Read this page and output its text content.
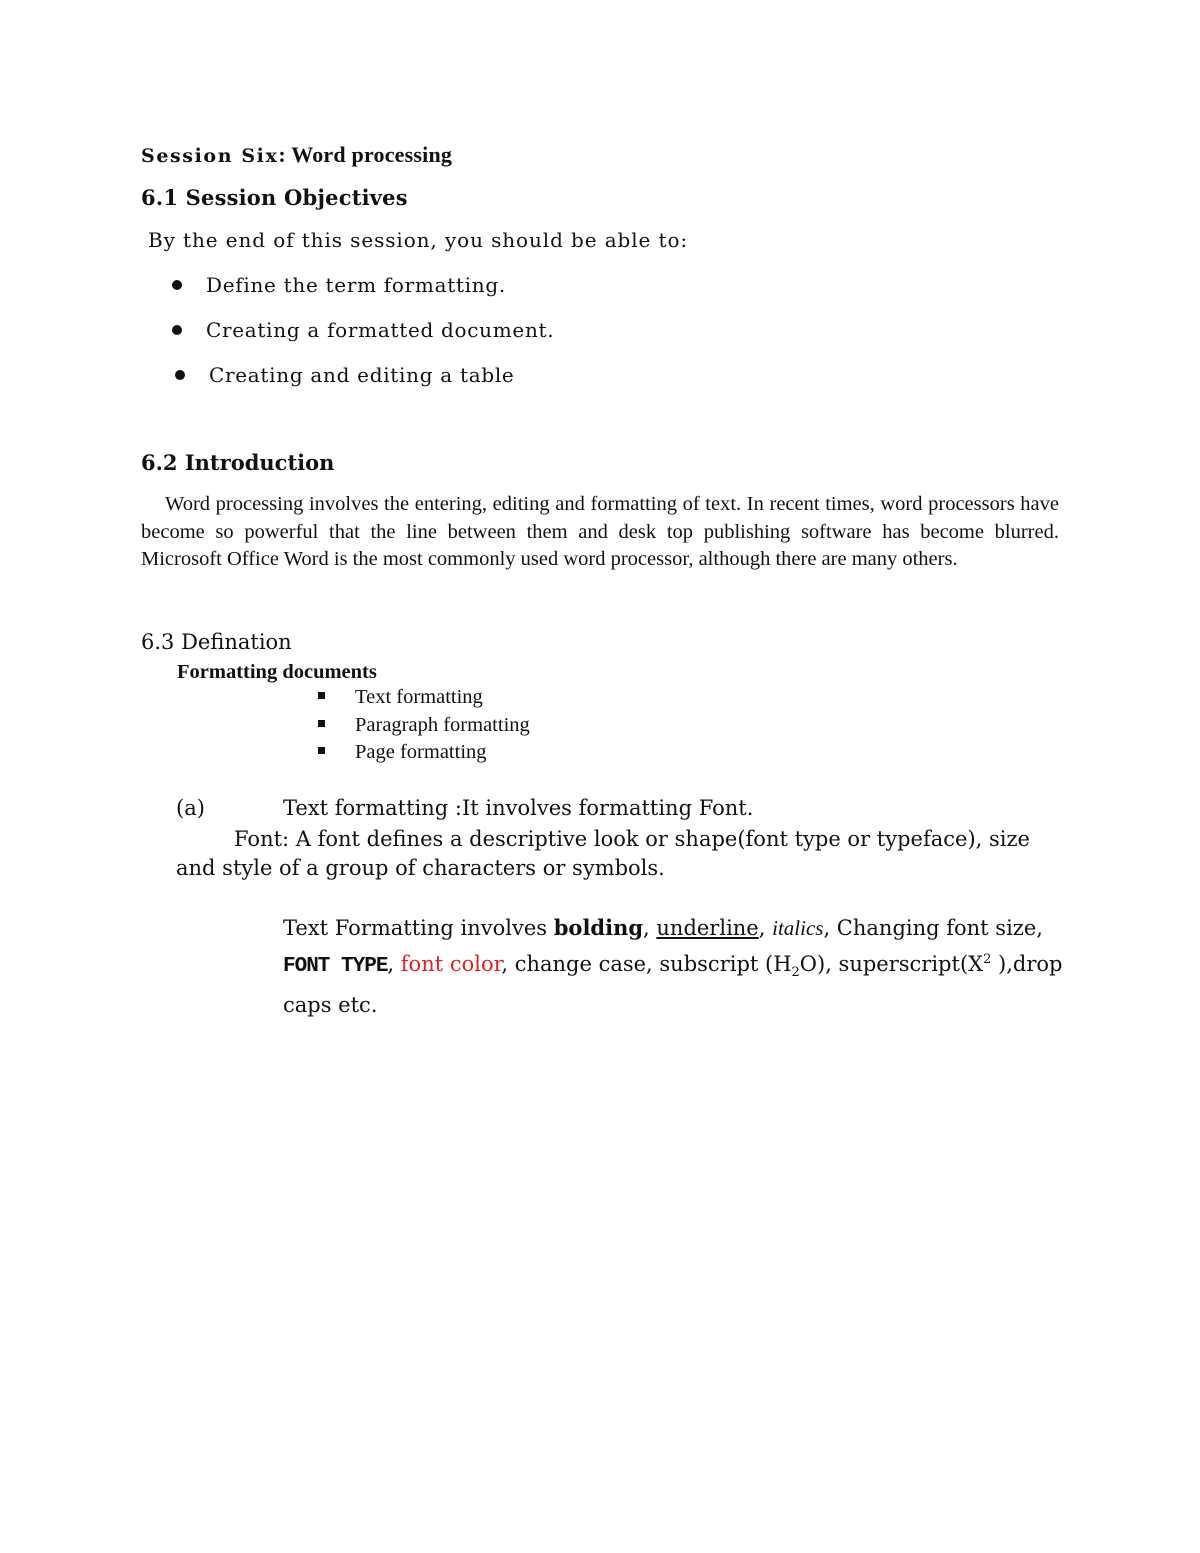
Session Six: Word processing
6.1 Session Objectives
By the end of this session, you should be able to:
Define the term formatting.
Creating a formatted document.
Creating and editing a table
6.2 Introduction
Word processing involves the entering, editing and formatting of text. In recent times, word processors have become so powerful that the line between them and desk top publishing software has become blurred. Microsoft Office Word is the most commonly used word processor, although there are many others.
6.3 Defination
Formatting documents
Text formatting
Paragraph formatting
Page formatting
(a)	Text formatting :It involves formatting Font.
Font: A font defines a descriptive look or shape(font type or typeface), size and style of a group of characters or symbols.
Text Formatting involves bolding, underline, italics, Changing font size,
FONT TYPE, font color, change case, subscript $(H_2O)$, $superscript(X^2$ ),drop caps etc.
